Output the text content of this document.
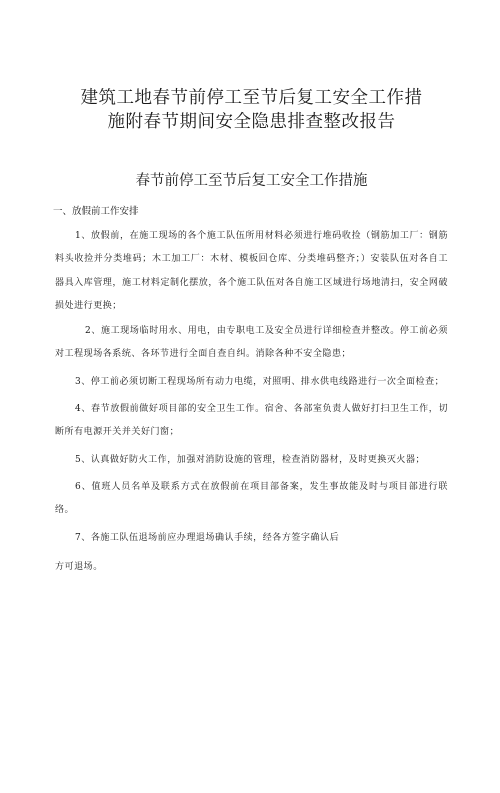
建筑工地春节前停工至节后复工安全工作措
施附春节期间安全隐患排查整改报告
春节前停工至节后复工安全工作措施
一、放假前工作安排

1、放假前，在施工现场的各个施工队伍所用材料必须进行堆码收捡（钢筋加工厂：钢筋料头收捡并分类堆码；木工加工厂：木材、模板回仓库、分类堆码整齐；）安装队伍对各自工器具入库管理，施工材料定制化摆放，各个施工队伍对各自施工区域进行场地清扫，安全网破损处进行更换；

2、施工现场临时用水、用电，由专职电工及安全员进行详细检查并整改。停工前必须对工程现场各系统、各环节进行全面自查自纠。消除各种不安全隐患；

3、停工前必须切断工程现场所有动力电缆，对照明、排水供电线路进行一次全面检查；

4、春节放假前做好项目部的安全卫生工作。宿舍、各部室负责人做好打扫卫生工作，切断所有电源开关并关好门窗；

5、认真做好防火工作，加强对消防设施的管理，检查消防器材，及时更换灭火器；

6、值班人员名单及联系方式在放假前在项目部备案，发生事故能及时与项目部进行联络。

7、各施工队伍退场前应办理退场确认手续，经各方签字确认后

方可退场。
